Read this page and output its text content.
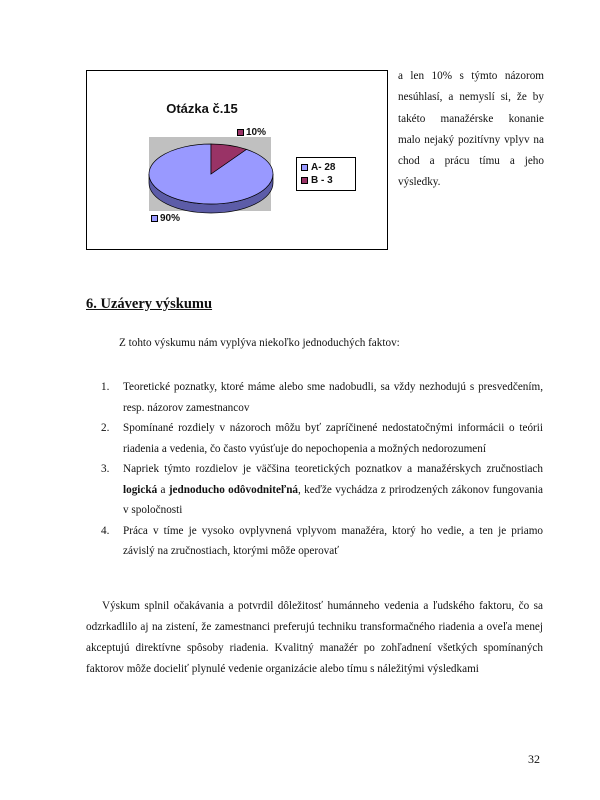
Otázka č.15
10%
90%
A- 28
B - 3
a len 10% s týmto názorom nesúhlasí, a nemyslí si, že by takéto manažérske konanie malo nejaký pozitívny vplyv na chod a prácu tímu a jeho výsledky.
6. Uzávery výskumu
Z tohto výskumu nám vyplýva niekoľko jednoduchých faktov:
1.	Teoretické poznatky, ktoré máme alebo sme nadobudli, sa vždy nezhodujú s presvedčením, resp. názorov zamestnancov
2.	Spomínané rozdiely v názoroch môžu byť zapríčinené nedostatočnými informácii o teórii riadenia a vedenia, čo často vyúsťuje do nepochopenia a možných nedorozumení
3.	Napriek týmto rozdielov je väčšina teoretických poznatkov a manažérskych zručnostiach logická a jednoducho odôvodniteľná, keďže vychádza z prirodzených zákonov fungovania v spoločnosti
4.	Práca v tíme je vysoko ovplyvnená vplyvom manažéra, ktorý ho vedie, a ten je priamo závislý na zručnostiach, ktorými môže operovať
Výskum splnil očakávania a potvrdil dôležitosť humánneho vedenia a ľudského faktoru, čo sa odzrkadlilo aj na zistení, že zamestnanci preferujú techniku transformačného riadenia a oveľa menej akceptujú direktívne spôsoby riadenia. Kvalitný manažér po zohľadnení všetkých spomínaných faktorov môže docieliť plynulé vedenie organizácie alebo tímu s náležitými výsledkami
32
